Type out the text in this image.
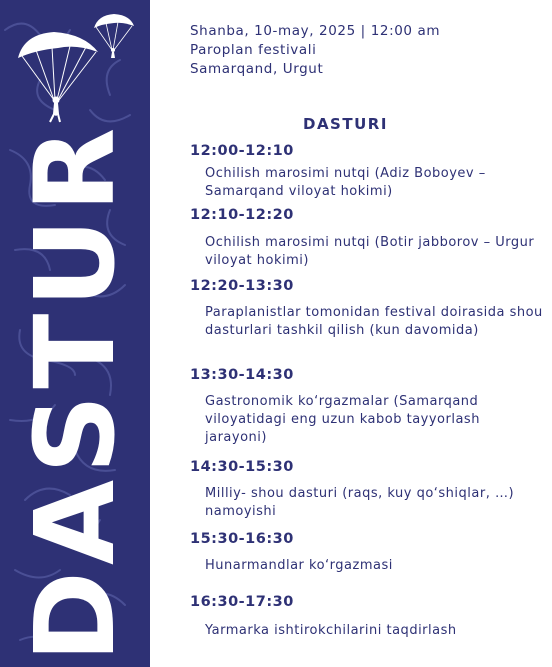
DASTUR
Shanba, 10-may, 2025 | 12:00 am
Paroplan festivali
Samarqand, Urgut
DASTURI
12:00-12:10
Ochilish marosimi nutqi (Adiz Boboyev – Samarqand viloyat hokimi)
12:10-12:20
Ochilish marosimi nutqi (Botir jabborov – Urgur viloyat hokimi)
12:20-13:30
Paraplanistlar tomonidan festival doirasida shou dasturlari tashkil qilish (kun davomida)
13:30-14:30
Gastronomik ko‘rgazmalar (Samarqand viloyatidagi eng uzun kabob tayyorlash jarayoni)
14:30-15:30
Milliy- shou dasturi (raqs, kuy qo‘shiqlar, …) namoyishi
15:30-16:30
Hunarmandlar ko‘rgazmasi
16:30-17:30
Yarmarka ishtirokchilarini taqdirlash
